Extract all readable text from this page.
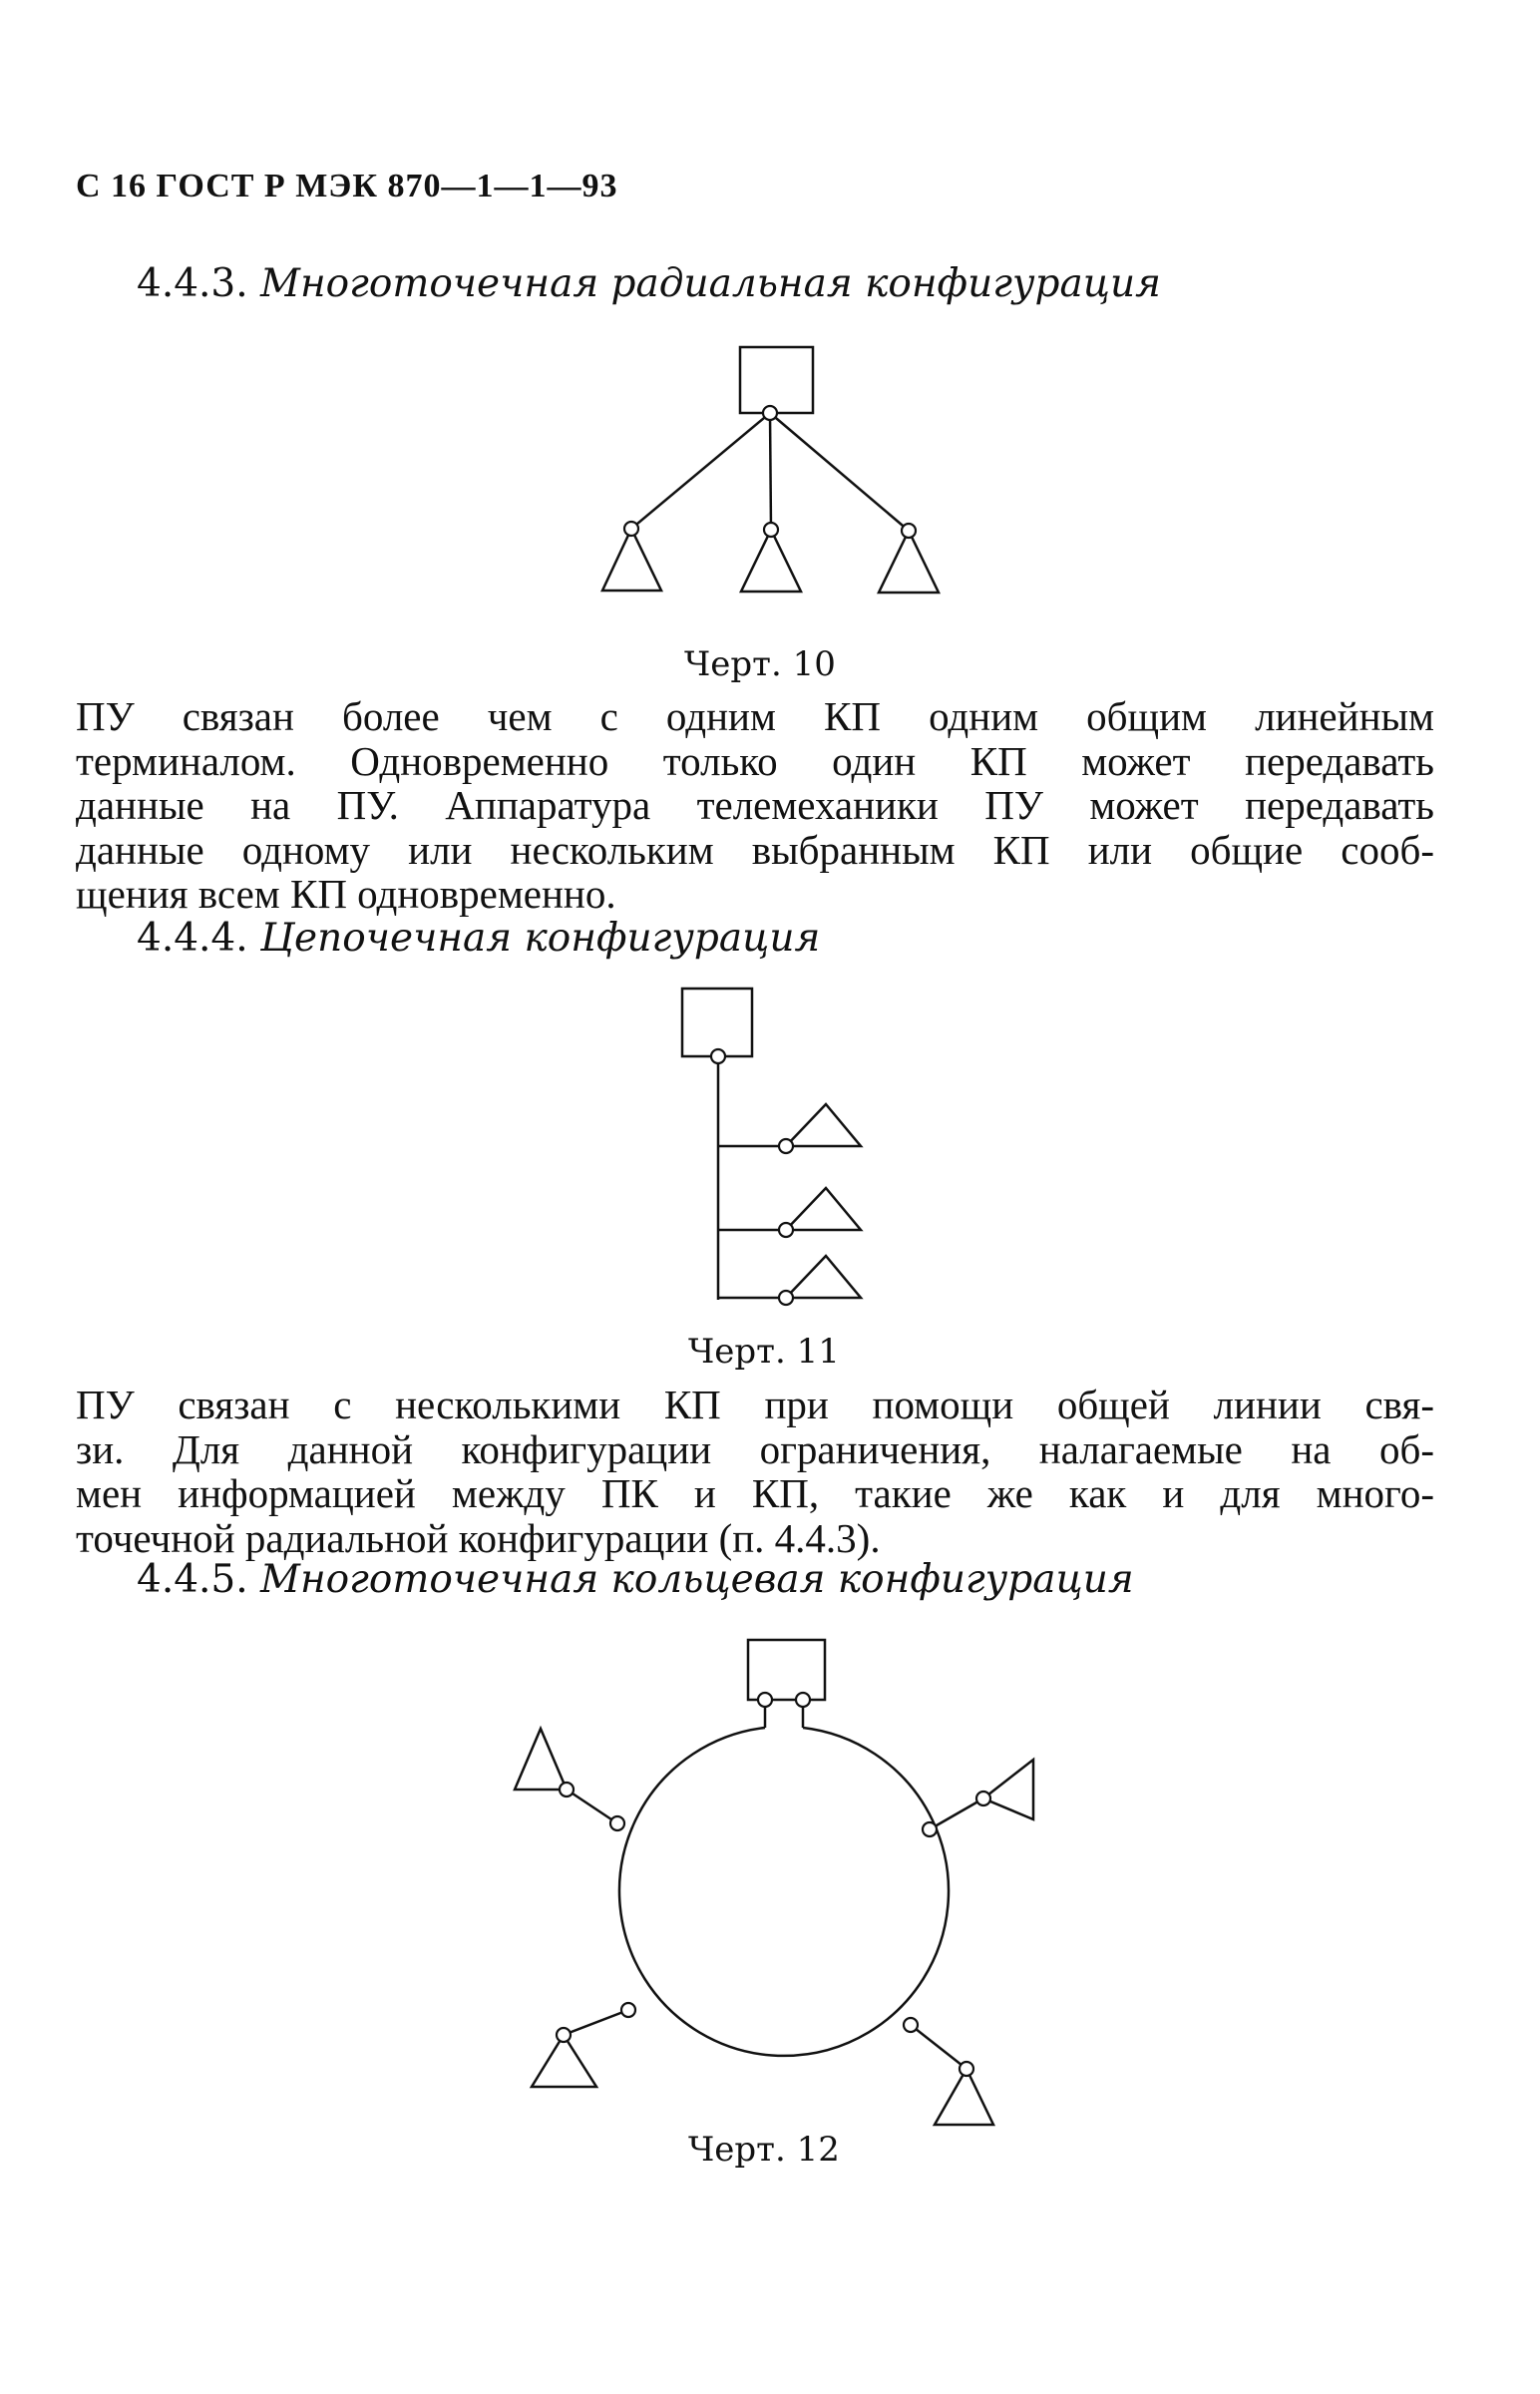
С 16 ГОСТ Р МЭК 870—1—1—93
4.4.3. Многоточечная радиальная конфигурация
Черт. 10
ПУ связан более чем с одним КП одним общим линейным
терминалом. Одновременно только один КП может передавать
данные на ПУ. Аппаратура телемеханики ПУ может передавать
данные одному или нескольким выбранным КП или общие сооб-
щения всем КП одновременно.
4.4.4. Цепочечная конфигурация
Черт. 11
ПУ связан с несколькими КП при помощи общей линии свя-
зи. Для данной конфигурации ограничения, налагаемые на об-
мен информацией между ПК и КП, такие же как и для много-
точечной радиальной конфигурации (п. 4.4.3).
4.4.5. Многоточечная кольцевая конфигурация
Черт. 12
